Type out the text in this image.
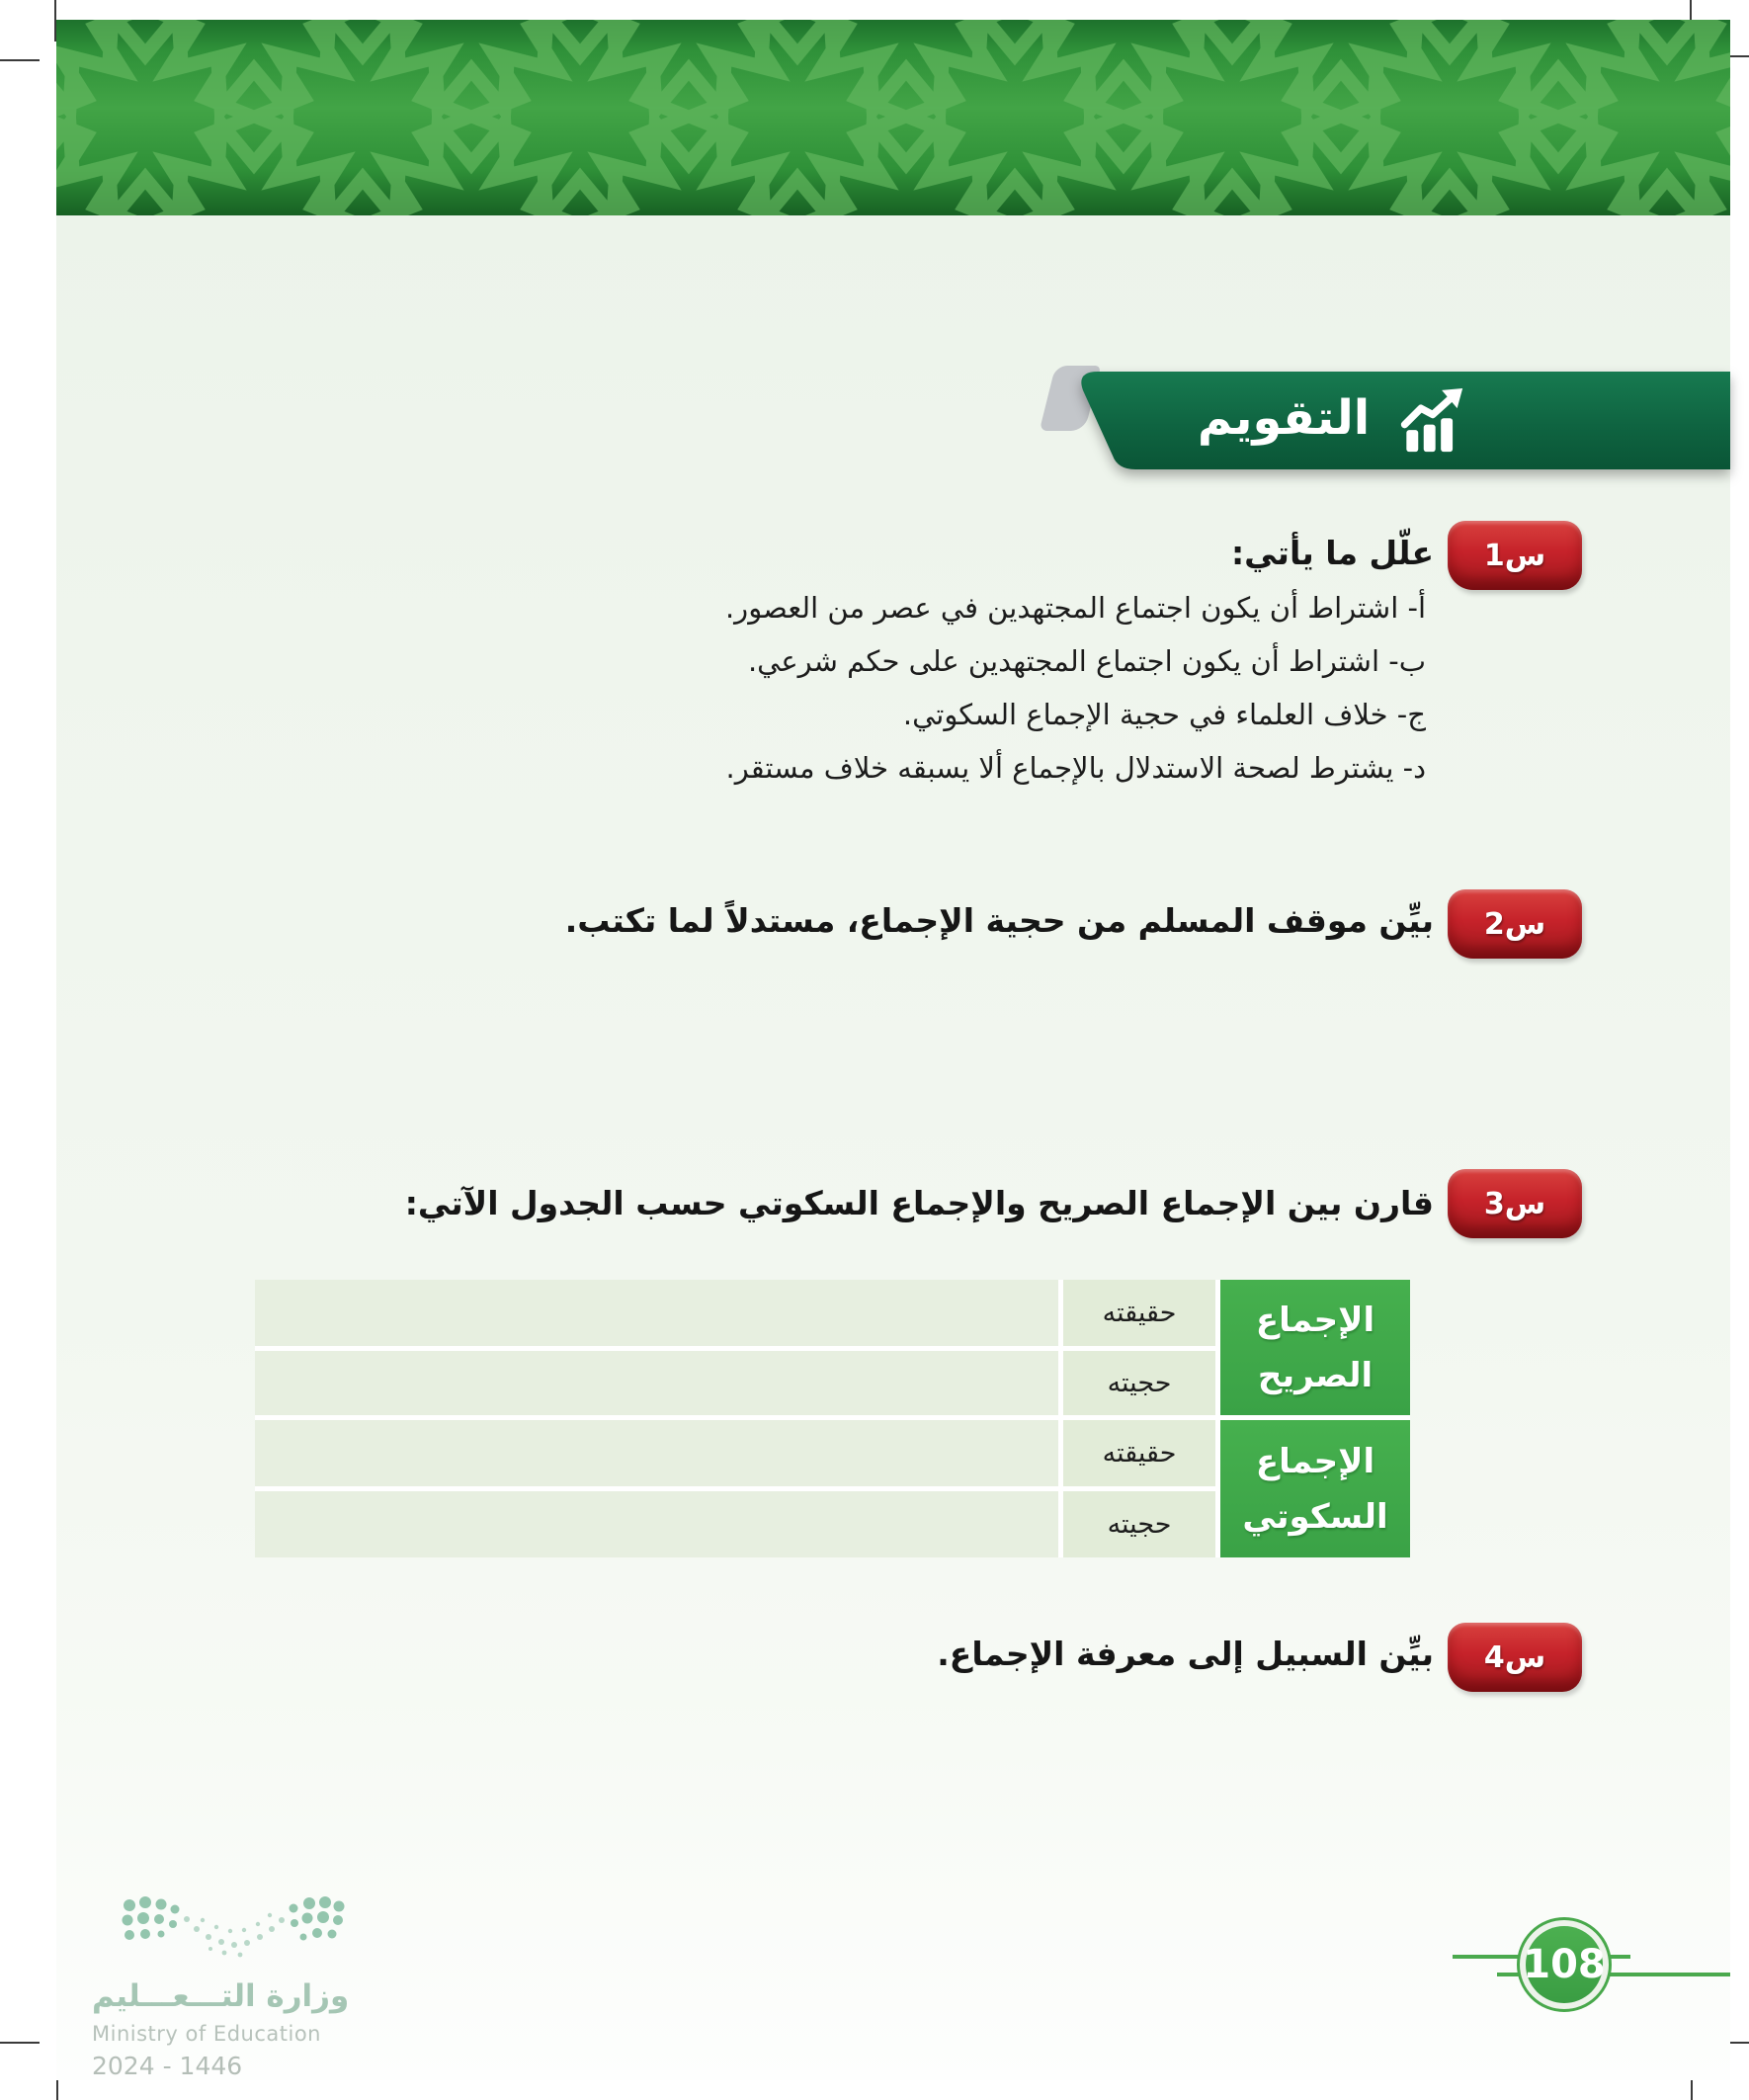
التقويم
س1
علّل ما يأتي:
أ- اشتراط أن يكون اجتماع المجتهدين في عصر من العصور.
ب- اشتراط أن يكون اجتماع المجتهدين على حكم شرعي.
ج- خلاف العلماء في حجية الإجماع السكوتي.
د- يشترط لصحة الاستدلال بالإجماع ألا يسبقه خلاف مستقر.
س2
بيِّن موقف المسلم من حجية الإجماع، مستدلاً لما تكتب.
س3
قارن بين الإجماع الصريح والإجماع السكوتي حسب الجدول الآتي:
حقيقته
حجيته
الإجماع
الصريح
حقيقته
حجيته
الإجماع
السكوتي
س4
بيِّن السبيل إلى معرفة الإجماع.
وزارة التـــعـــليم
Ministry of Education
2024 - 1446
108
